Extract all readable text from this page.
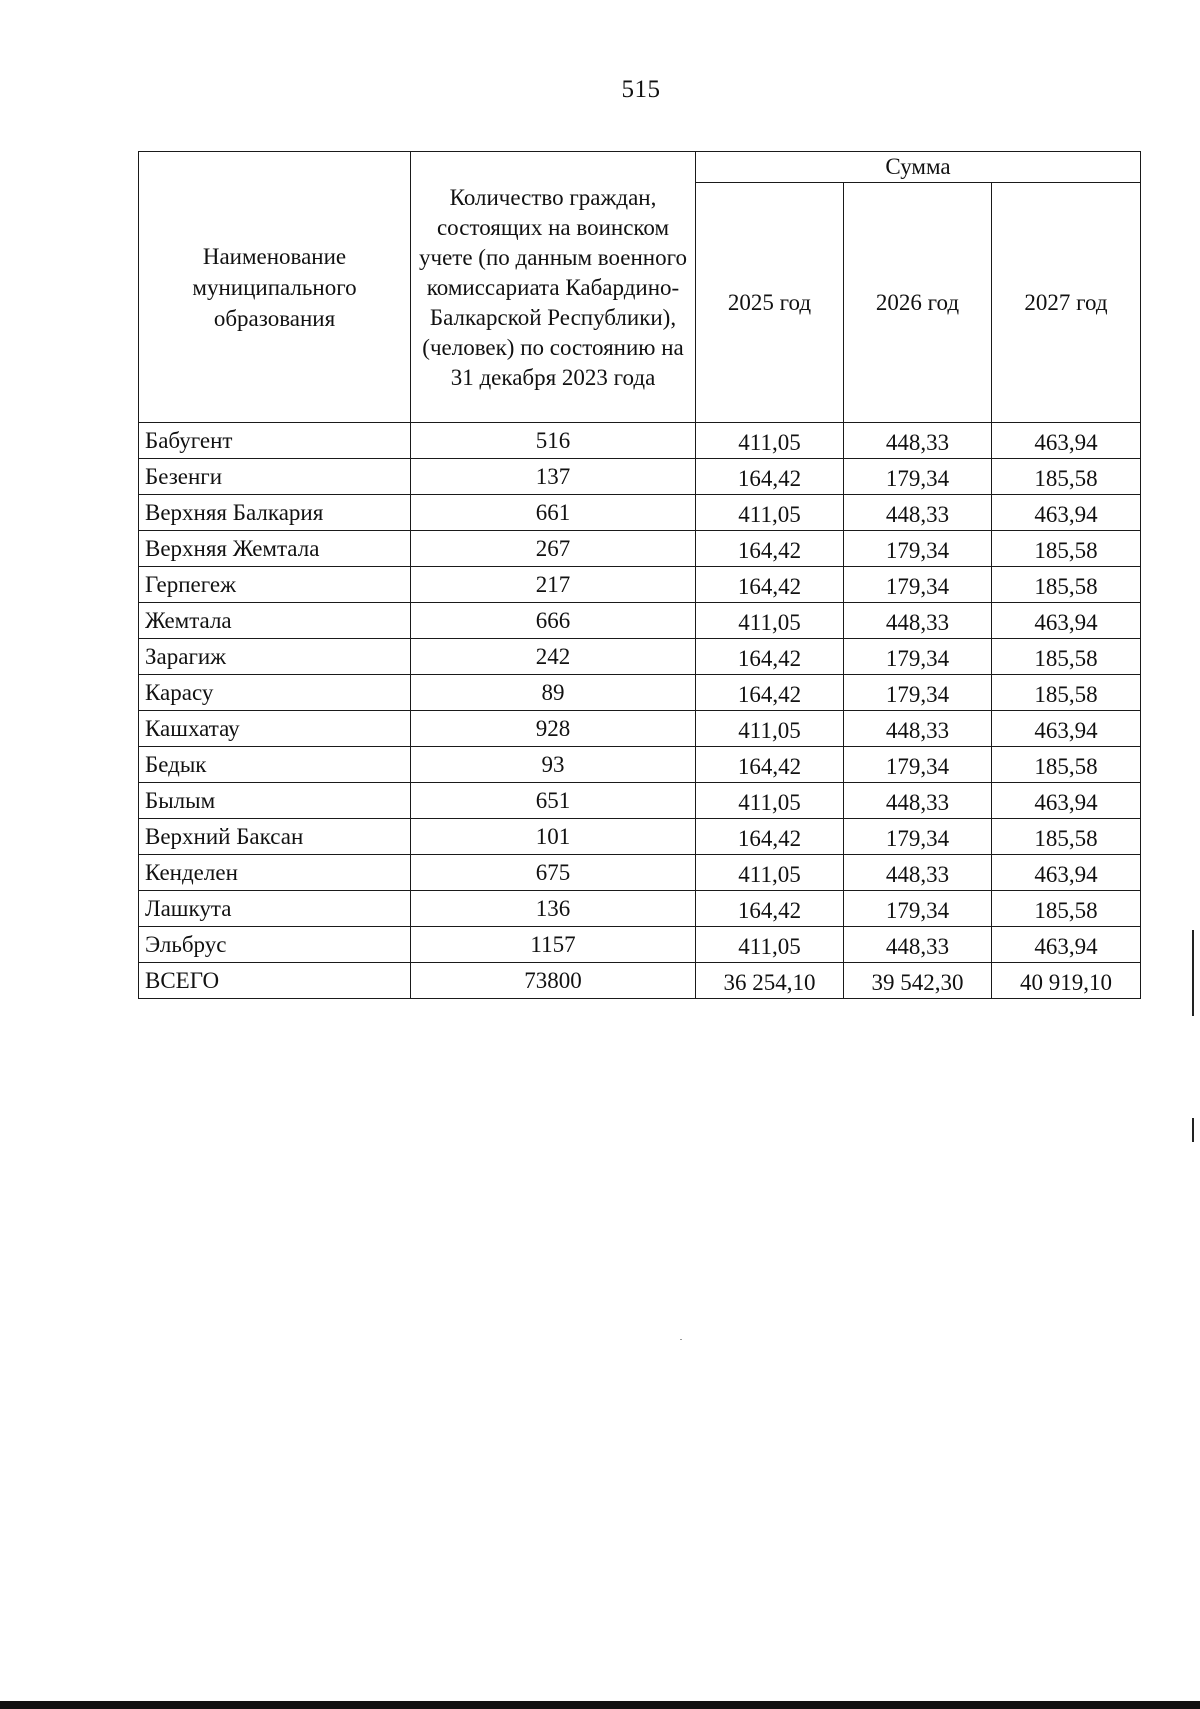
515
Наименование муниципального образования	Количество граждан, состоящих на воинском учете (по данным военного комиссариата Кабардино-Балкарской Республики), (человек) по состоянию на 31 декабря 2023 года	Сумма		
		2025 год	2026 год	2027 год
Бабугент	516	411,05	448,33	463,94
Безенги	137	164,42	179,34	185,58
Верхняя Балкария	661	411,05	448,33	463,94
Верхняя Жемтала	267	164,42	179,34	185,58
Герпегеж	217	164,42	179,34	185,58
Жемтала	666	411,05	448,33	463,94
Зарагиж	242	164,42	179,34	185,58
Карасу	89	164,42	179,34	185,58
Кашхатау	928	411,05	448,33	463,94
Бедык	93	164,42	179,34	185,58
Былым	651	411,05	448,33	463,94
Верхний Баксан	101	164,42	179,34	185,58
Кенделен	675	411,05	448,33	463,94
Лашкута	136	164,42	179,34	185,58
Эльбрус	1157	411,05	448,33	463,94
ВСЕГО	73800	36 254,10	39 542,30	40 919,10
